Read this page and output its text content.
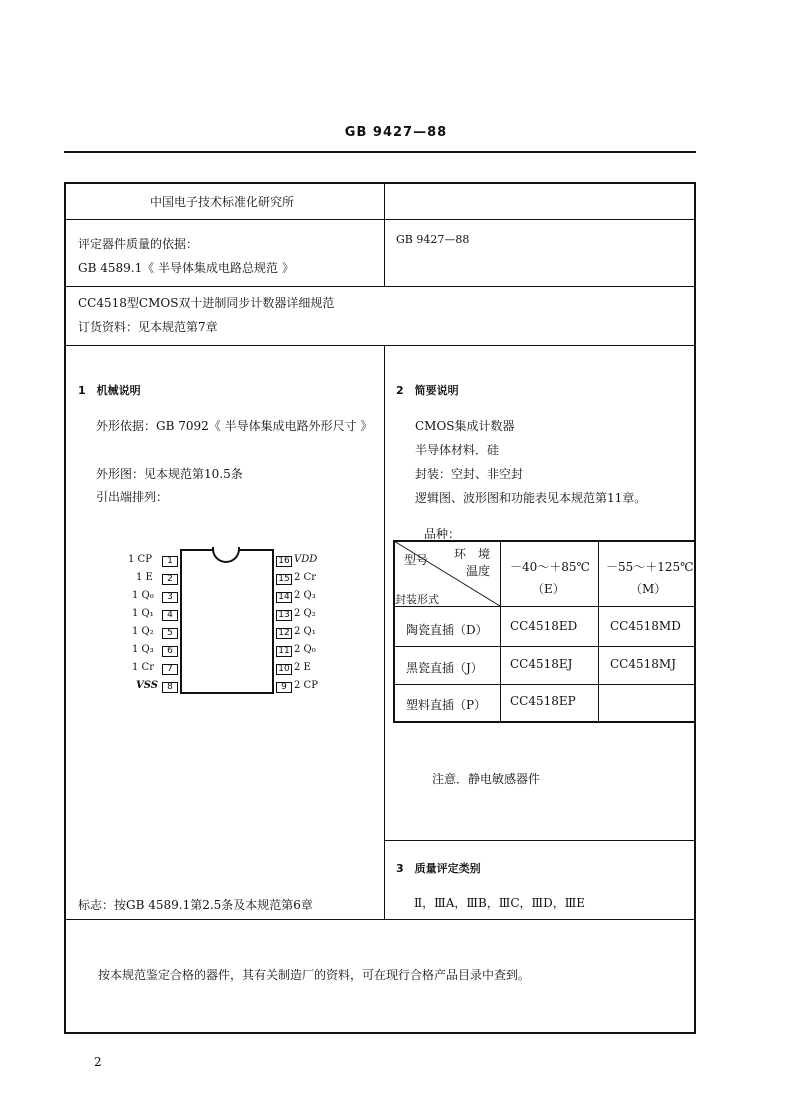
GB 9427—88
中国电子技术标准化研究所
评定器件质量的依据：
GB 4589.1《 半导体集成电路总规范 》
GB 9427—88
CC4518型CMOS双十进制同步计数器详细规范
订货资料：见本规范第7章
1　机械说明
外形依据：GB 7092《 半导体集成电路外形尺寸 》
外形图：见本规范第10.5条
引出端排列：
1
2
3
4
5
6
7
8
1 CP
1 E
1 Q₀
1 Q₁
1 Q₂
1 Q₃
1 Cr
VSS
16
15
14
13
12
11
10
9
VDD
2 Cr
2 Q₃
2 Q₂
2 Q₁
2 Q₀
2 E
2 CP
标志：按GB 4589.1第2.5条及本规范第6章
2　简要说明
CMOS集成计数器
半导体材料．硅
封装：空封、非空封
逻辑图、波形图和功能表见本规范第11章。
品种：
型号 环　境
温度
封装形式
－40～＋85℃
（E）
－55～＋125℃
（M）
陶瓷直插（D） CC4518ED	CC4518MD
黑瓷直插（J） CC4518EJ	CC4518MJ
塑料直插（P） CC4518EP
注意．静电敏感器件
3　质量评定类别
Ⅱ，ⅢA，ⅢB，ⅢC，ⅢD，ⅢE
按本规范鉴定合格的器件，其有关制造厂的资料，可在现行合格产品目录中查到。
2
